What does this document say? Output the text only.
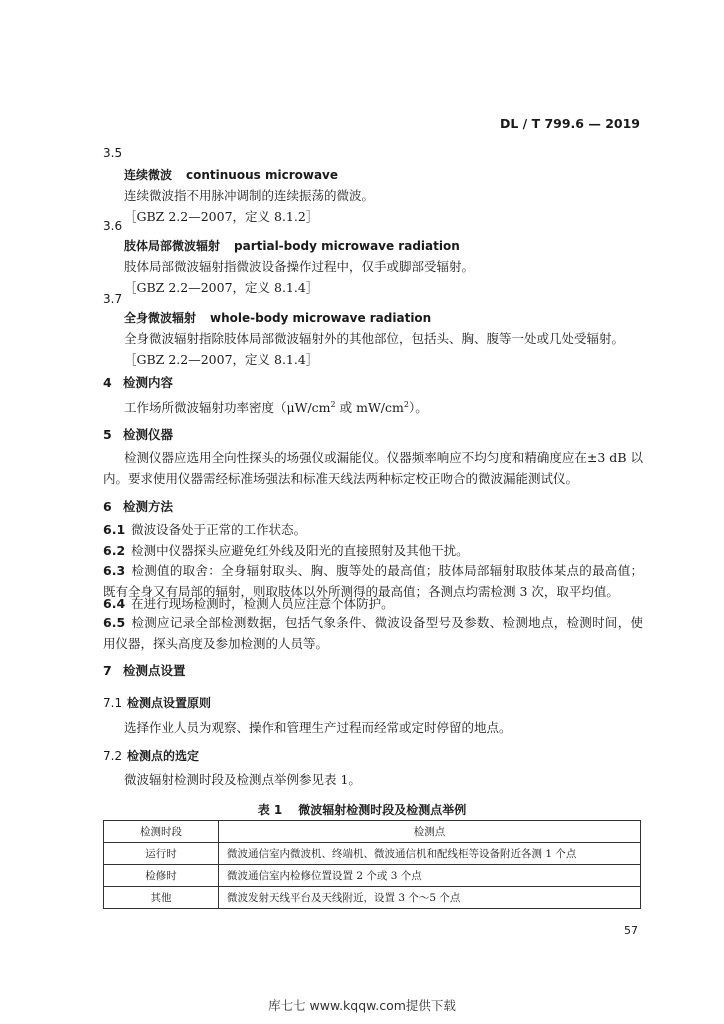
DL / T 799.6 — 2019
3.5
连续微波 continuous microwave
连续微波指不用脉冲调制的连续振荡的微波。
［GBZ 2.2—2007，定义 8.1.2］
3.6
肢体局部微波辐射 partial-body microwave radiation
肢体局部微波辐射指微波设备操作过程中，仅手或脚部受辐射。
［GBZ 2.2—2007，定义 8.1.4］
3.7
全身微波辐射 whole-body microwave radiation
全身微波辐射指除肢体局部微波辐射外的其他部位，包括头、胸、腹等一处或几处受辐射。
［GBZ 2.2—2007，定义 8.1.4］
4 检测内容
工作场所微波辐射功率密度（$\mu W/cm^2$ 或 $mW/cm^2$）。
5 检测仪器
检测仪器应选用全向性探头的场强仪或漏能仪。仪器频率响应不均匀度和精确度应在±3 dB 以内。要求使用仪器需经标准场强法和标准天线法两种标定校正吻合的微波漏能测试仪。
6 检测方法
6.1 微波设备处于正常的工作状态。
6.2 检测中仪器探头应避免红外线及阳光的直接照射及其他干扰。
6.3 检测值的取舍：全身辐射取头、胸、腹等处的最高值；肢体局部辐射取肢体某点的最高值；既有全身又有局部的辐射，则取肢体以外所测得的最高值；各测点均需检测 3 次，取平均值。
6.4 在进行现场检测时，检测人员应注意个体防护。
6.5 检测应记录全部检测数据，包括气象条件、微波设备型号及参数、检测地点，检测时间，使用仪器，探头高度及参加检测的人员等。
7 检测点设置
7.1 检测点设置原则
选择作业人员为观察、操作和管理生产过程而经常或定时停留的地点。
7.2 检测点的选定
微波辐射检测时段及检测点举例参见表 1。
表 1 微波辐射检测时段及检测点举例
检测时段	检测点
运行时	微波通信室内微波机、终端机、微波通信机和配线柜等设备附近各测 1 个点
检修时	微波通信室内检修位置设置 2 个或 3 个点
其他	微波发射天线平台及天线附近，设置 3 个～5 个点
57
库七七 www.kqqw.com提供下载
